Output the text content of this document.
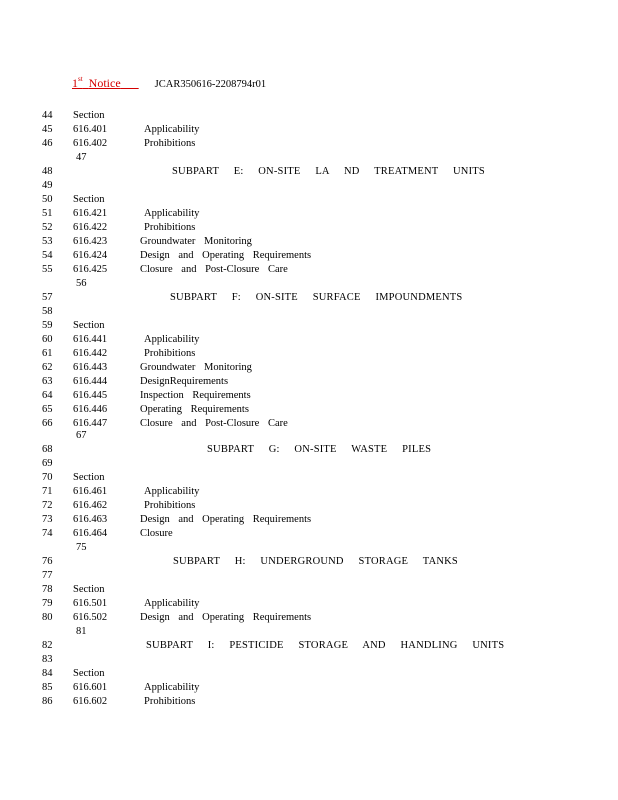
1st Notice	JCAR350616-2208794r01
44	Section
45	616.401	Applicability
46	616.402	Prohibitions
47
48	SUBPART E: ON-SITE LA ND TREATMENT UNITS
49
50	Section
51	616.421	Applicability
52	616.422	Prohibitions
53	616.423	Groundwater Monitoring
54	616.424	Design and Operating Requirements
55	616.425	Closure and Post-Closure Care
56
57	SUBPART F: ON-SITE SURFACE IMPOUNDMENTS
58
59	Section
60	616.441	Applicability
61	616.442	Prohibitions
62	616.443	Groundwater Monitoring
63	616.444	DesignRequirements
64	616.445	Inspection Requirements
65	616.446	Operating Requirements
66	616.447	Closure and Post-Closure Care
67
68	SUBPART G: ON-SITE WASTE PILES
69
70	Section
71	616.461	Applicability
72	616.462	Prohibitions
73	616.463	Design and Operating Requirements
74	616.464	Closure
75
76	SUBPART H: UNDERGROUND STORAGE TANKS
77
78	Section
79	616.501	Applicability
80	616.502	Design and Operating Requirements
81
82	SUBPART I: PESTICIDE STORAGE AND HANDLING UNITS
83
84	Section
85	616.601	Applicability
86	616.602	Prohibitions
